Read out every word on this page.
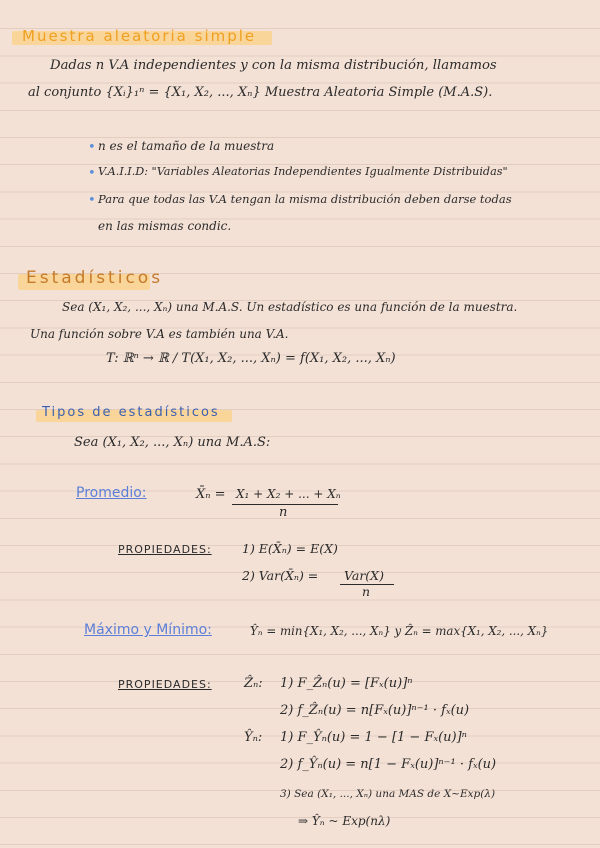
Muestra aleatoria simple
Dadas n V.A independientes y con la misma distribución, llamamos
al conjunto {Xᵢ}₁ⁿ = {X₁, X₂, ..., Xₙ} Muestra Aleatoria Simple (M.A.S).
• n es el tamaño de la muestra
• V.A.I.I.D: "Variables Aleatorias Independientes Igualmente Distribuidas"
• Para que todas las V.A tengan la misma distribución deben darse todas
en las mismas condic.
Estadísticos
Sea (X₁, X₂, ..., Xₙ) una M.A.S. Un estadístico es una función de la muestra.
Una función sobre V.A es también una V.A.
T: ℝⁿ → ℝ / T(X₁, X₂, ..., Xₙ) = f(X₁, X₂, ..., Xₙ)
Tipos de estadísticos
Sea (X₁, X₂, ..., Xₙ) una M.A.S:
Promedio:	X̄ₙ = X₁ + X₂ + ... + Xₙ
n
PROPIEDADES: 1) E(X̄ₙ) = E(X)
2) Var(X̄ₙ) = Var(X)
n
Máximo y Mínimo:	Ŷₙ = min{X₁, X₂, ..., Xₙ} y Ẑₙ = max{X₁, X₂, ..., Xₙ}
PROPIEDADES: Ẑₙ: 1) F_Ẑₙ(u) = [Fₓ(u)]ⁿ
2) f_Ẑₙ(u) = n[Fₓ(u)]ⁿ⁻¹ · fₓ(u)
Ŷₙ: 1) F_Ŷₙ(u) = 1 − [1 − Fₓ(u)]ⁿ
2) f_Ŷₙ(u) = n[1 − Fₓ(u)]ⁿ⁻¹ · fₓ(u)
3) Sea (X₁, ..., Xₙ) una MAS de X~Exp(λ)
⇒ Ŷₙ ~ Exp(nλ)
